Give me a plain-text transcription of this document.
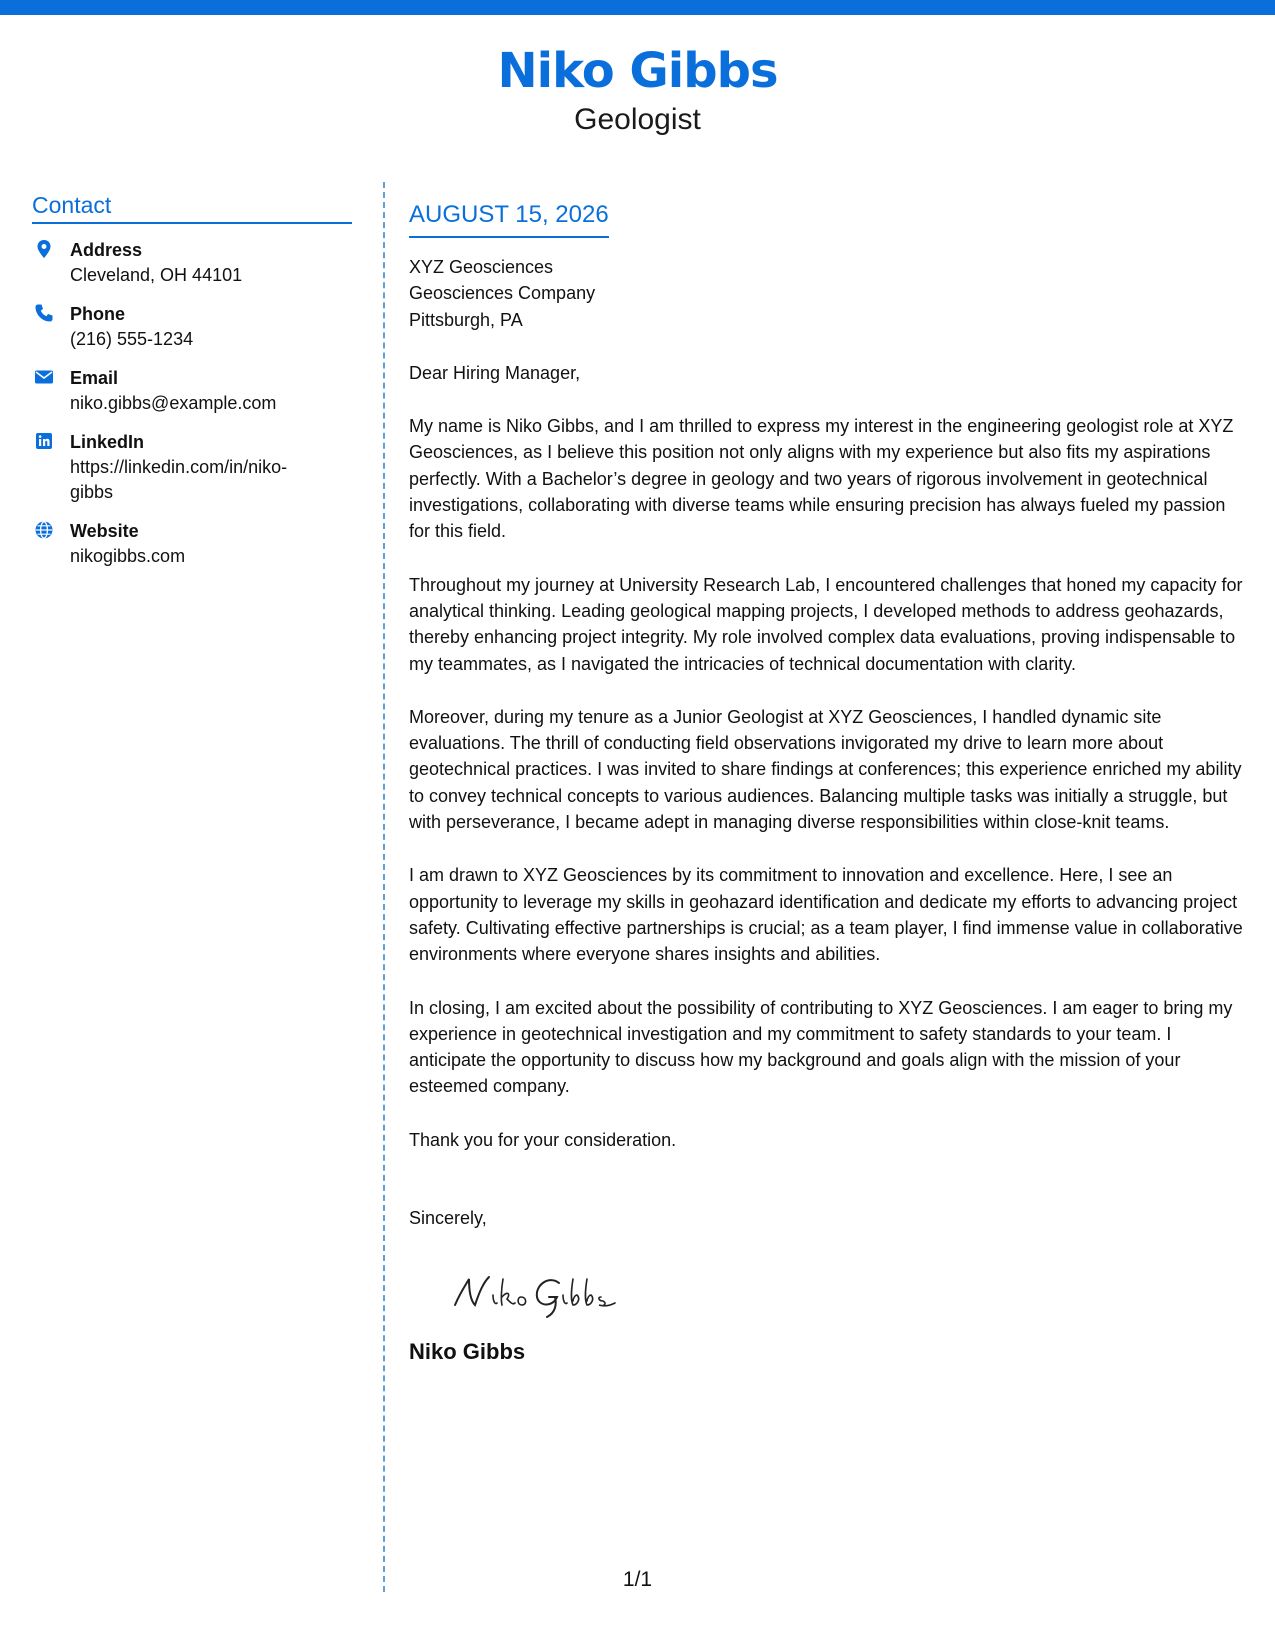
Niko Gibbs
Geologist
Contact
Address
Cleveland, OH 44101
Phone
(216) 555-1234
Email
niko.gibbs@example.com
LinkedIn
https://linkedin.com/in/niko-
gibbs
Website
nikogibbs.com
AUGUST 15, 2026
XYZ Geosciences
Geosciences Company
Pittsburgh, PA
Dear Hiring Manager,
My name is Niko Gibbs, and I am thrilled to express my interest in the engineering geologist role at XYZ Geosciences, as I believe this position not only aligns with my experience but also fits my aspirations perfectly. With a Bachelor’s degree in geology and two years of rigorous involvement in geotechnical investigations, collaborating with diverse teams while ensuring precision has always fueled my passion for this field.
Throughout my journey at University Research Lab, I encountered challenges that honed my capacity for analytical thinking. Leading geological mapping projects, I developed methods to address geohazards, thereby enhancing project integrity. My role involved complex data evaluations, proving indispensable to my teammates, as I navigated the intricacies of technical documentation with clarity.
Moreover, during my tenure as a Junior Geologist at XYZ Geosciences, I handled dynamic site evaluations. The thrill of conducting field observations invigorated my drive to learn more about geotechnical practices. I was invited to share findings at conferences; this experience enriched my ability to convey technical concepts to various audiences. Balancing multiple tasks was initially a struggle, but with perseverance, I became adept in managing diverse responsibilities within close-knit teams.
I am drawn to XYZ Geosciences by its commitment to innovation and excellence. Here, I see an opportunity to leverage my skills in geohazard identification and dedicate my efforts to advancing project safety. Cultivating effective partnerships is crucial; as a team player, I find immense value in collaborative environments where everyone shares insights and abilities.
In closing, I am excited about the possibility of contributing to XYZ Geosciences. I am eager to bring my experience in geotechnical investigation and my commitment to safety standards to your team. I anticipate the opportunity to discuss how my background and goals align with the mission of your esteemed company.
Thank you for your consideration.
Sincerely,
Niko Gibbs
1/1
